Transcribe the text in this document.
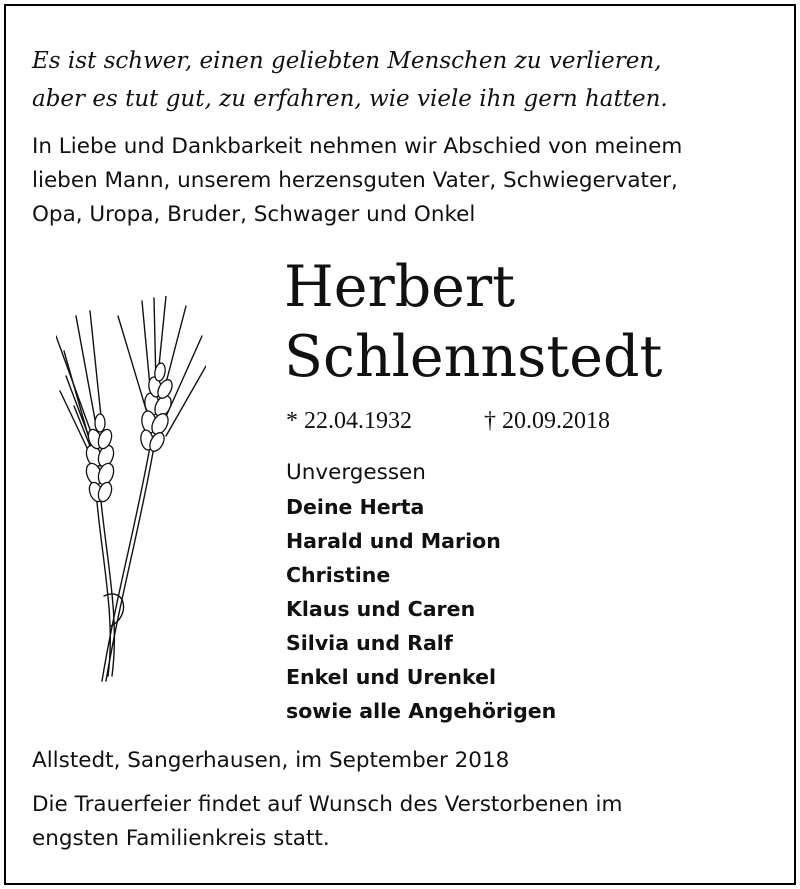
Es ist schwer, einen geliebten Menschen zu verlieren,

aber es tut gut, zu erfahren, wie viele ihn gern hatten.

In Liebe und Dankbarkeit nehmen wir Abschied von meinem

lieben Mann, unserem herzensguten Vater, Schwiegervater,

Opa, Uropa, Bruder, Schwager und Onkel

Herbert

Schlennstedt

* 22.04.1932	† 20.09.2018

Unvergessen

Deine Herta

Harald und Marion

Christine

Klaus und Caren

Silvia und Ralf

Enkel und Urenkel

sowie alle Angehörigen

Allstedt, Sangerhausen, im September 2018

Die Trauerfeier findet auf Wunsch des Verstorbenen im

engsten Familienkreis statt.
